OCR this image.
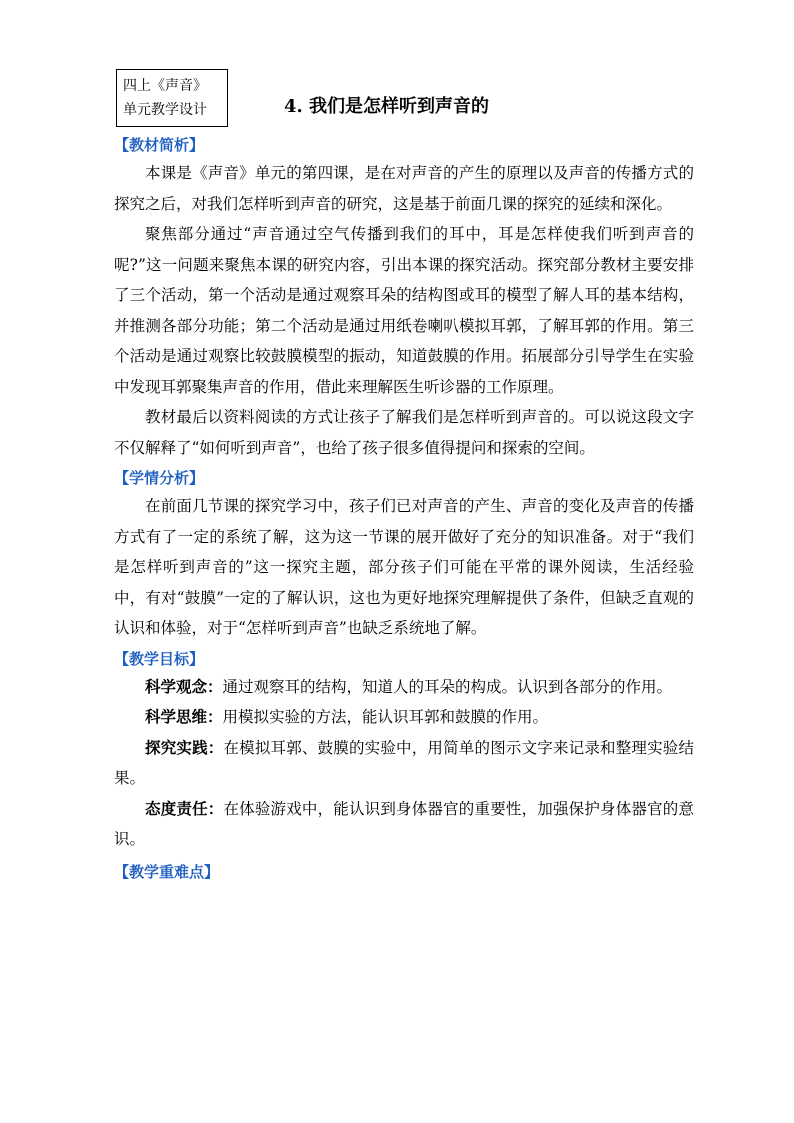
四上《声音》
单元教学设计	4. 我们是怎样听到声音的
【教材简析】

本课是《声音》单元的第四课，是在对声音的产生的原理以及声音的传播方式的探究之后，对我们怎样听到声音的研究，这是基于前面几课的探究的延续和深化。

聚焦部分通过“声音通过空气传播到我们的耳中，耳是怎样使我们听到声音的呢?”这一问题来聚焦本课的研究内容，引出本课的探究活动。探究部分教材主要安排了三个活动，第一个活动是通过观察耳朵的结构图或耳的模型了解人耳的基本结构，并推测各部分功能；第二个活动是通过用纸卷喇叭模拟耳郭，了解耳郭的作用。第三个活动是通过观察比较鼓膜模型的振动，知道鼓膜的作用。拓展部分引导学生在实验中发现耳郭聚集声音的作用，借此来理解医生听诊器的工作原理。

教材最后以资料阅读的方式让孩子了解我们是怎样听到声音的。可以说这段文字不仅解释了“如何听到声音”，也给了孩子很多值得提问和探索的空间。

【学情分析】

在前面几节课的探究学习中，孩子们已对声音的产生、声音的变化及声音的传播方式有了一定的系统了解，这为这一节课的展开做好了充分的知识准备。对于“我们是怎样听到声音的”这一探究主题，部分孩子们可能在平常的课外阅读，生活经验中，有对“鼓膜”一定的了解认识，这也为更好地探究理解提供了条件，但缺乏直观的认识和体验，对于“怎样听到声音”也缺乏系统地了解。

【教学目标】

科学观念：通过观察耳的结构，知道人的耳朵的构成。认识到各部分的作用。

科学思维：用模拟实验的方法，能认识耳郭和鼓膜的作用。

探究实践：在模拟耳郭、鼓膜的实验中，用简单的图示文字来记录和整理实验结果。

态度责任：在体验游戏中，能认识到身体器官的重要性，加强保护身体器官的意识。

【教学重难点】
